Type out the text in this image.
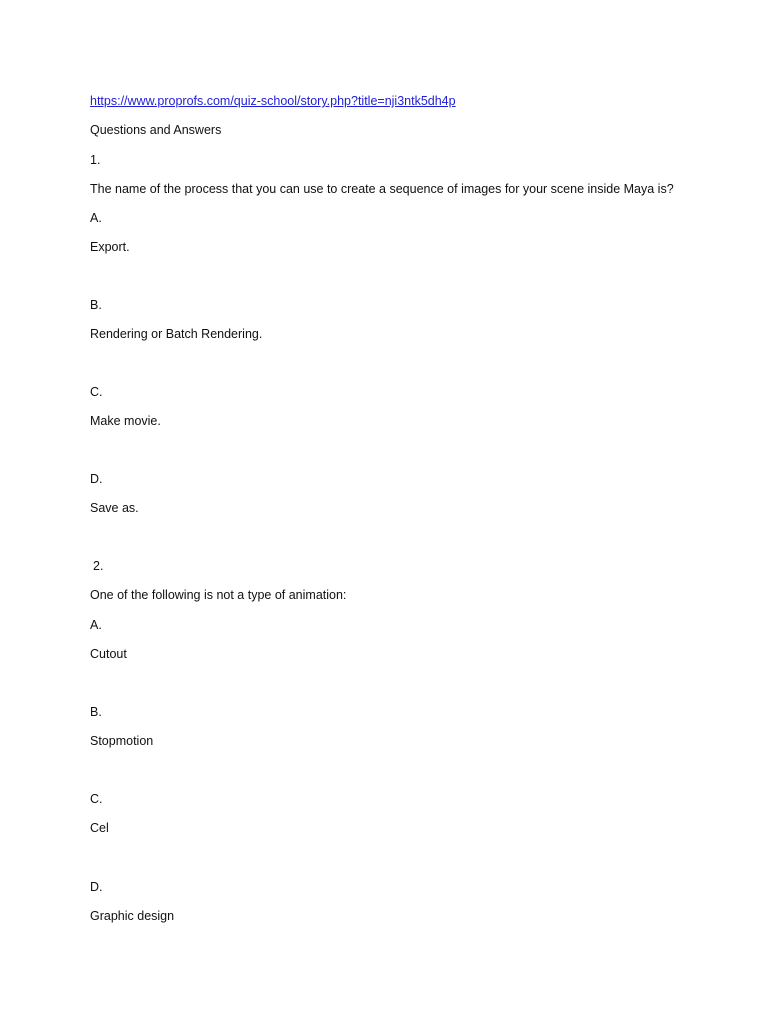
https://www.proprofs.com/quiz-school/story.php?title=nji3ntk5dh4p
Questions and Answers
1.
The name of the process that you can use to create a sequence of images for your scene inside Maya is?
A.
Export.
B.
Rendering or Batch Rendering.
C.
Make movie.
D.
Save as.
2.
One of the following is not a type of animation:
A.
Cutout
B.
Stopmotion
C.
Cel
D.
Graphic design
